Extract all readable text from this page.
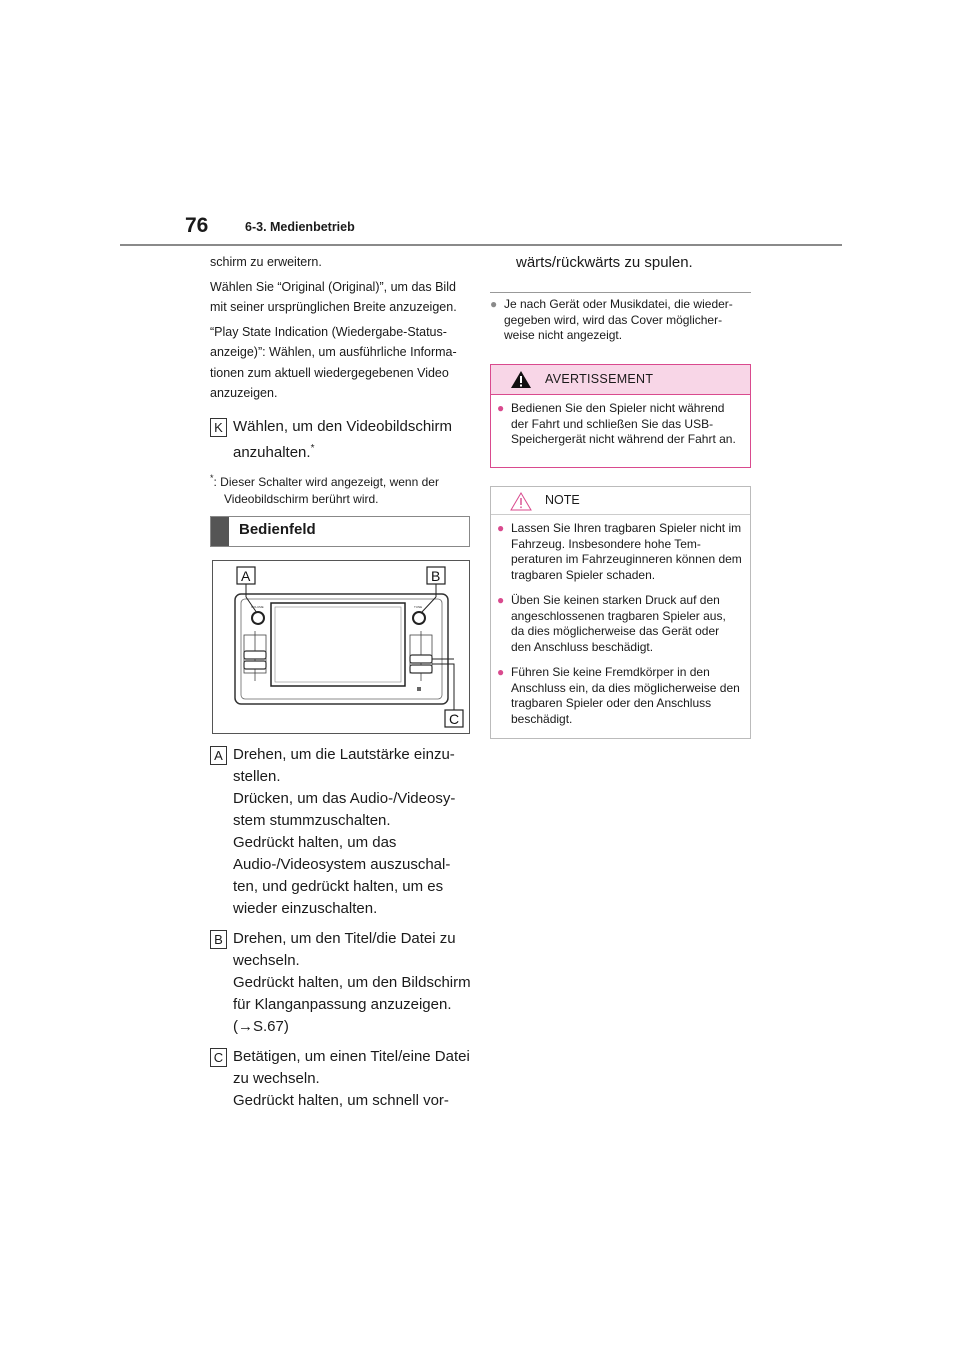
76	6-3. Medienbetrieb

schirm zu erweitern.

Wählen Sie “Original (Original)”, um das Bild mit seiner ursprünglichen Breite anzuzeigen.

“Play State Indication (Wiedergabe-Status-anzeige)”: Wählen, um ausführliche Informa-tionen zum aktuell wiedergegebenen Video anzuzeigen.

K Wählen, um den Videobildschirm anzuhalten.*

*: Dieser Schalter wird angezeigt, wenn der Videobildschirm berührt wird.

Bedienfeld
VOLUME	TUNE
A	B
C
A Drehen, um die Lautstärke einzu-stellen.
Drücken, um das Audio-/Videosy-stem stummzuschalten.
Gedrückt halten, um das Audio-/Videosystem auszuschal-ten, und gedrückt halten, um es wieder einzuschalten.
B Drehen, um den Titel/die Datei zu wechseln.
Gedrückt halten, um den Bildschirm für Klanganpassung anzuzeigen.
(→S.67)
C Betätigen, um einen Titel/eine Datei zu wechseln.
Gedrückt halten, um schnell vor-

wärts/rückwärts zu spulen.

● Je nach Gerät oder Musikdatei, die wieder-gegeben wird, wird das Cover möglicher-weise nicht angezeigt.

AVERTISSEMENT

● Bedienen Sie den Spieler nicht während der Fahrt und schließen Sie das USB-Speichergerät nicht während der Fahrt an.

NOTE

● Lassen Sie Ihren tragbaren Spieler nicht im Fahrzeug. Insbesondere hohe Tem-peraturen im Fahrzeuginneren können dem tragbaren Spieler schaden.

● Üben Sie keinen starken Druck auf den angeschlossenen tragbaren Spieler aus, da dies möglicherweise das Gerät oder den Anschluss beschädigt.

● Führen Sie keine Fremdkörper in den Anschluss ein, da dies möglicherweise den tragbaren Spieler oder den Anschluss beschädigt.
